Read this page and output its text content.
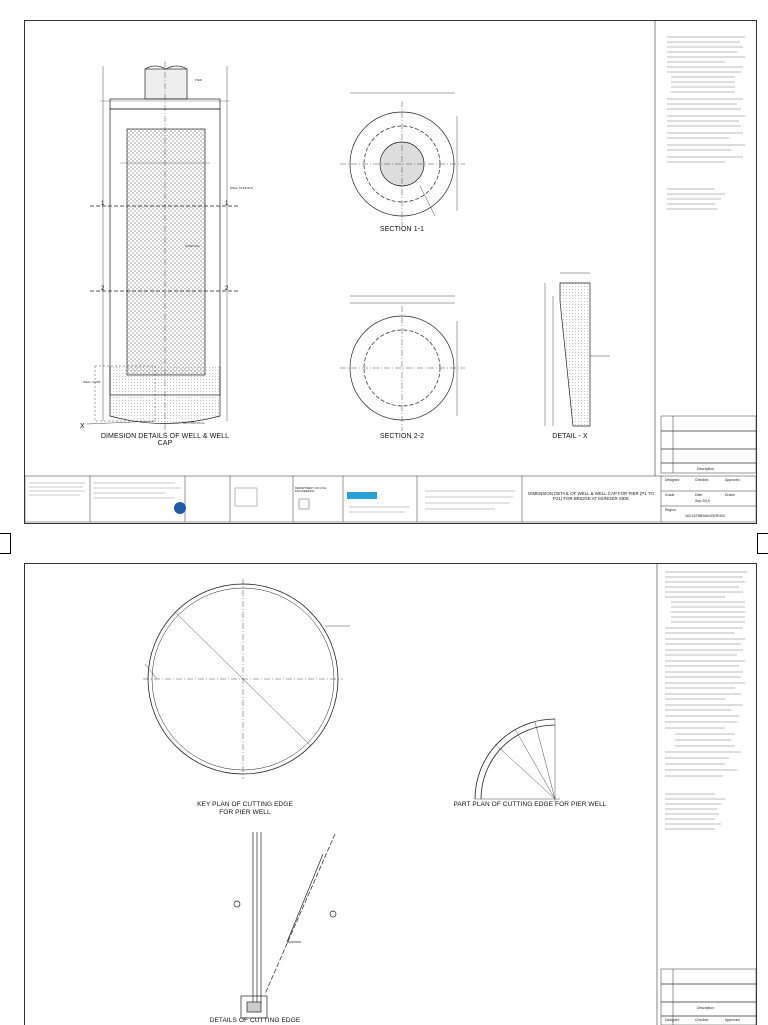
WELL STEINING
SAND FILL
WELL CURB
BOTTOM PLUG
PIER
X
1	1
2	2
DIMESION DETAILS OF WELL & WELL CAP
SECTION 1-1
SECTION 2-2	DETAIL - X
DIMENSION DETAIL OF WELL & WELL CAP FOR PIER (P1 TO P21) FOR BRIDGE AT MUNGER SIDE
DEPARTMENT OF CIVIL ENGINEERING
Designed	Checked	Approved
Description
Grade	Date	Drawn
Sep-2019
Region
163-16TBB/MUNGER/400
KEY PLAN OF CUTTING EDGE
FOR PIER WELL
PART PLAN OF CUTTING EDGE FOR PIER WELL
DETAILS OF CUTTING EDGE
Description
Designed	Checked	Approved
